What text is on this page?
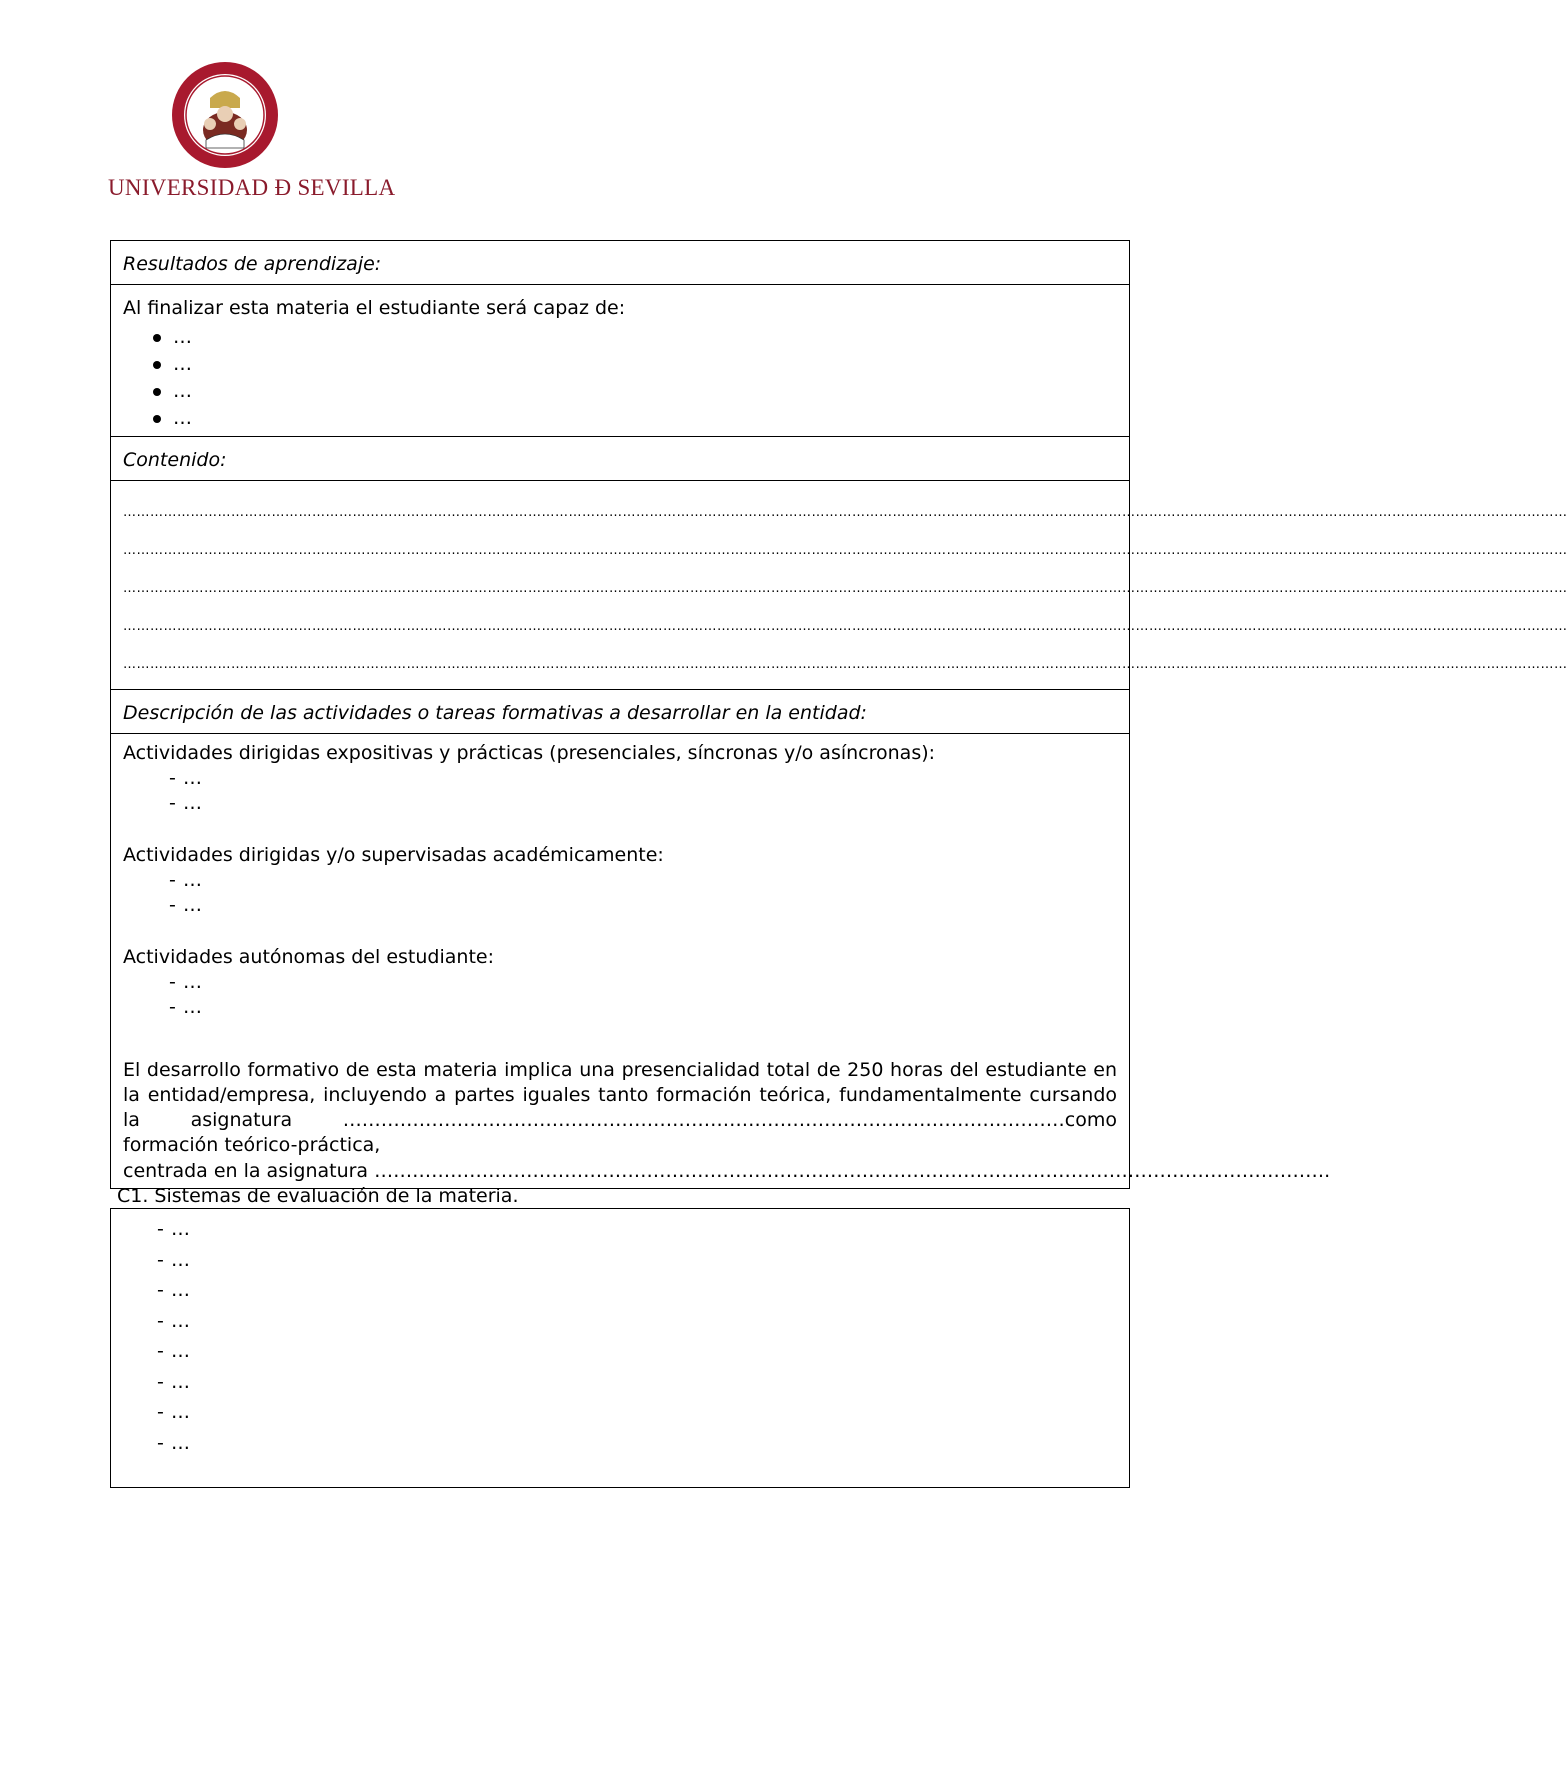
UNIVERSIDAD Ɖ SEVILLA
Resultados de aprendizaje:
Al finalizar esta materia el estudiante será capaz de:
…
…
…
…
Contenido:
……………………………………………………………………………………………………………………………………………………………………………………………………………………………………………………………………………………………
……………………………………………………………………………………………………………………………………………………………………………………………………………………………………………………………………………………………
……………………………………………………………………………………………………………………………………………………………………………………………………………………………………………………………………………………………
……………………………………………………………………………………………………………………………………………………………………………………………………………………………………………………………………………………………
……………………………………………………………………………………………………………………………………………………………………………………………………………………………………………………………………………………………
Descripción de las actividades o tareas formativas a desarrollar en la entidad:
Actividades dirigidas expositivas y prácticas (presenciales, síncronas y/o asíncronas):
- …
- …
Actividades dirigidas y/o supervisadas académicamente:
- …
- …
Actividades autónomas del estudiante:
- …
- …
El desarrollo formativo de esta materia implica una presencialidad total de 250 horas del estudiante en la entidad/empresa, incluyendo a partes iguales tanto formación teórica, fundamentalmente cursando la asignatura ……………………………………………………………………………………………………como formación teórico-práctica,
centrada en la asignatura …………………………………………………………………………………………………………………………………….
C1. Sistemas de evaluación de la materia.
- …
- …
- …
- …
- …
- …
- …
- …
